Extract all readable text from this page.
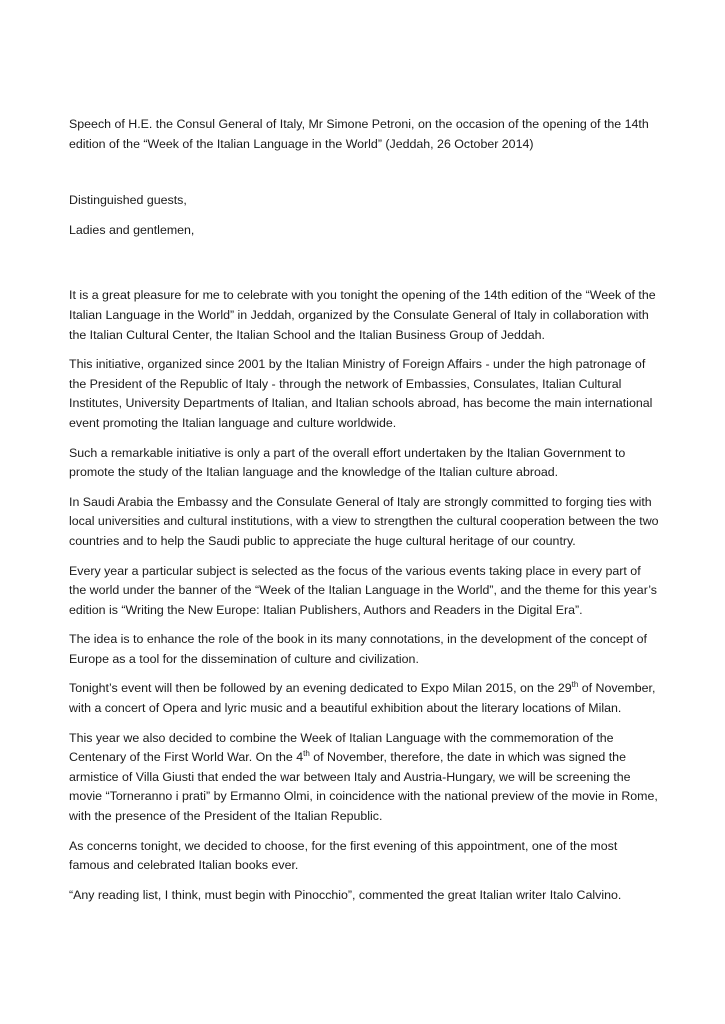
Speech of H.E. the Consul General of Italy, Mr Simone Petroni, on the occasion of the opening of the 14th edition of the “Week of the Italian Language in the World” (Jeddah, 26 October 2014)

Distinguished guests,

Ladies and gentlemen,

It is a great pleasure for me to celebrate with you tonight the opening of the 14th edition of the “Week of the Italian Language in the World” in Jeddah, organized by the Consulate General of Italy in collaboration with the Italian Cultural Center, the Italian School and the Italian Business Group of Jeddah.

This initiative, organized since 2001 by the Italian Ministry of Foreign Affairs - under the high patronage of the President of the Republic of Italy - through the network of Embassies, Consulates, Italian Cultural Institutes, University Departments of Italian, and Italian schools abroad, has become the main international event promoting the Italian language and culture worldwide.

Such a remarkable initiative is only a part of the overall effort undertaken by the Italian Government to promote the study of the Italian language and the knowledge of the Italian culture abroad.

In Saudi Arabia the Embassy and the Consulate General of Italy are strongly committed to forging ties with local universities and cultural institutions, with a view to strengthen the cultural cooperation between the two countries and to help the Saudi public to appreciate the huge cultural heritage of our country.

Every year a particular subject is selected as the focus of the various events taking place in every part of the world under the banner of the “Week of the Italian Language in the World”, and the theme for this year’s edition is “Writing the New Europe: Italian Publishers, Authors and Readers in the Digital Era”.

The idea is to enhance the role of the book in its many connotations, in the development of the concept of Europe as a tool for the dissemination of culture and civilization.

Tonight’s event will then be followed by an evening dedicated to Expo Milan 2015, on the 29th of November, with a concert of Opera and lyric music and a beautiful exhibition about the literary locations of Milan.

This year we also decided to combine the Week of Italian Language with the commemoration of the Centenary of the First World War. On the 4th of November, therefore, the date in which was signed the armistice of Villa Giusti that ended the war between Italy and Austria-Hungary, we will be screening the movie “Torneranno i prati” by Ermanno Olmi, in coincidence with the national preview of the movie in Rome, with the presence of the President of the Italian Republic.

As concerns tonight, we decided to choose, for the first evening of this appointment, one of the most famous and celebrated Italian books ever.

“Any reading list, I think, must begin with Pinocchio”, commented the great Italian writer Italo Calvino.
